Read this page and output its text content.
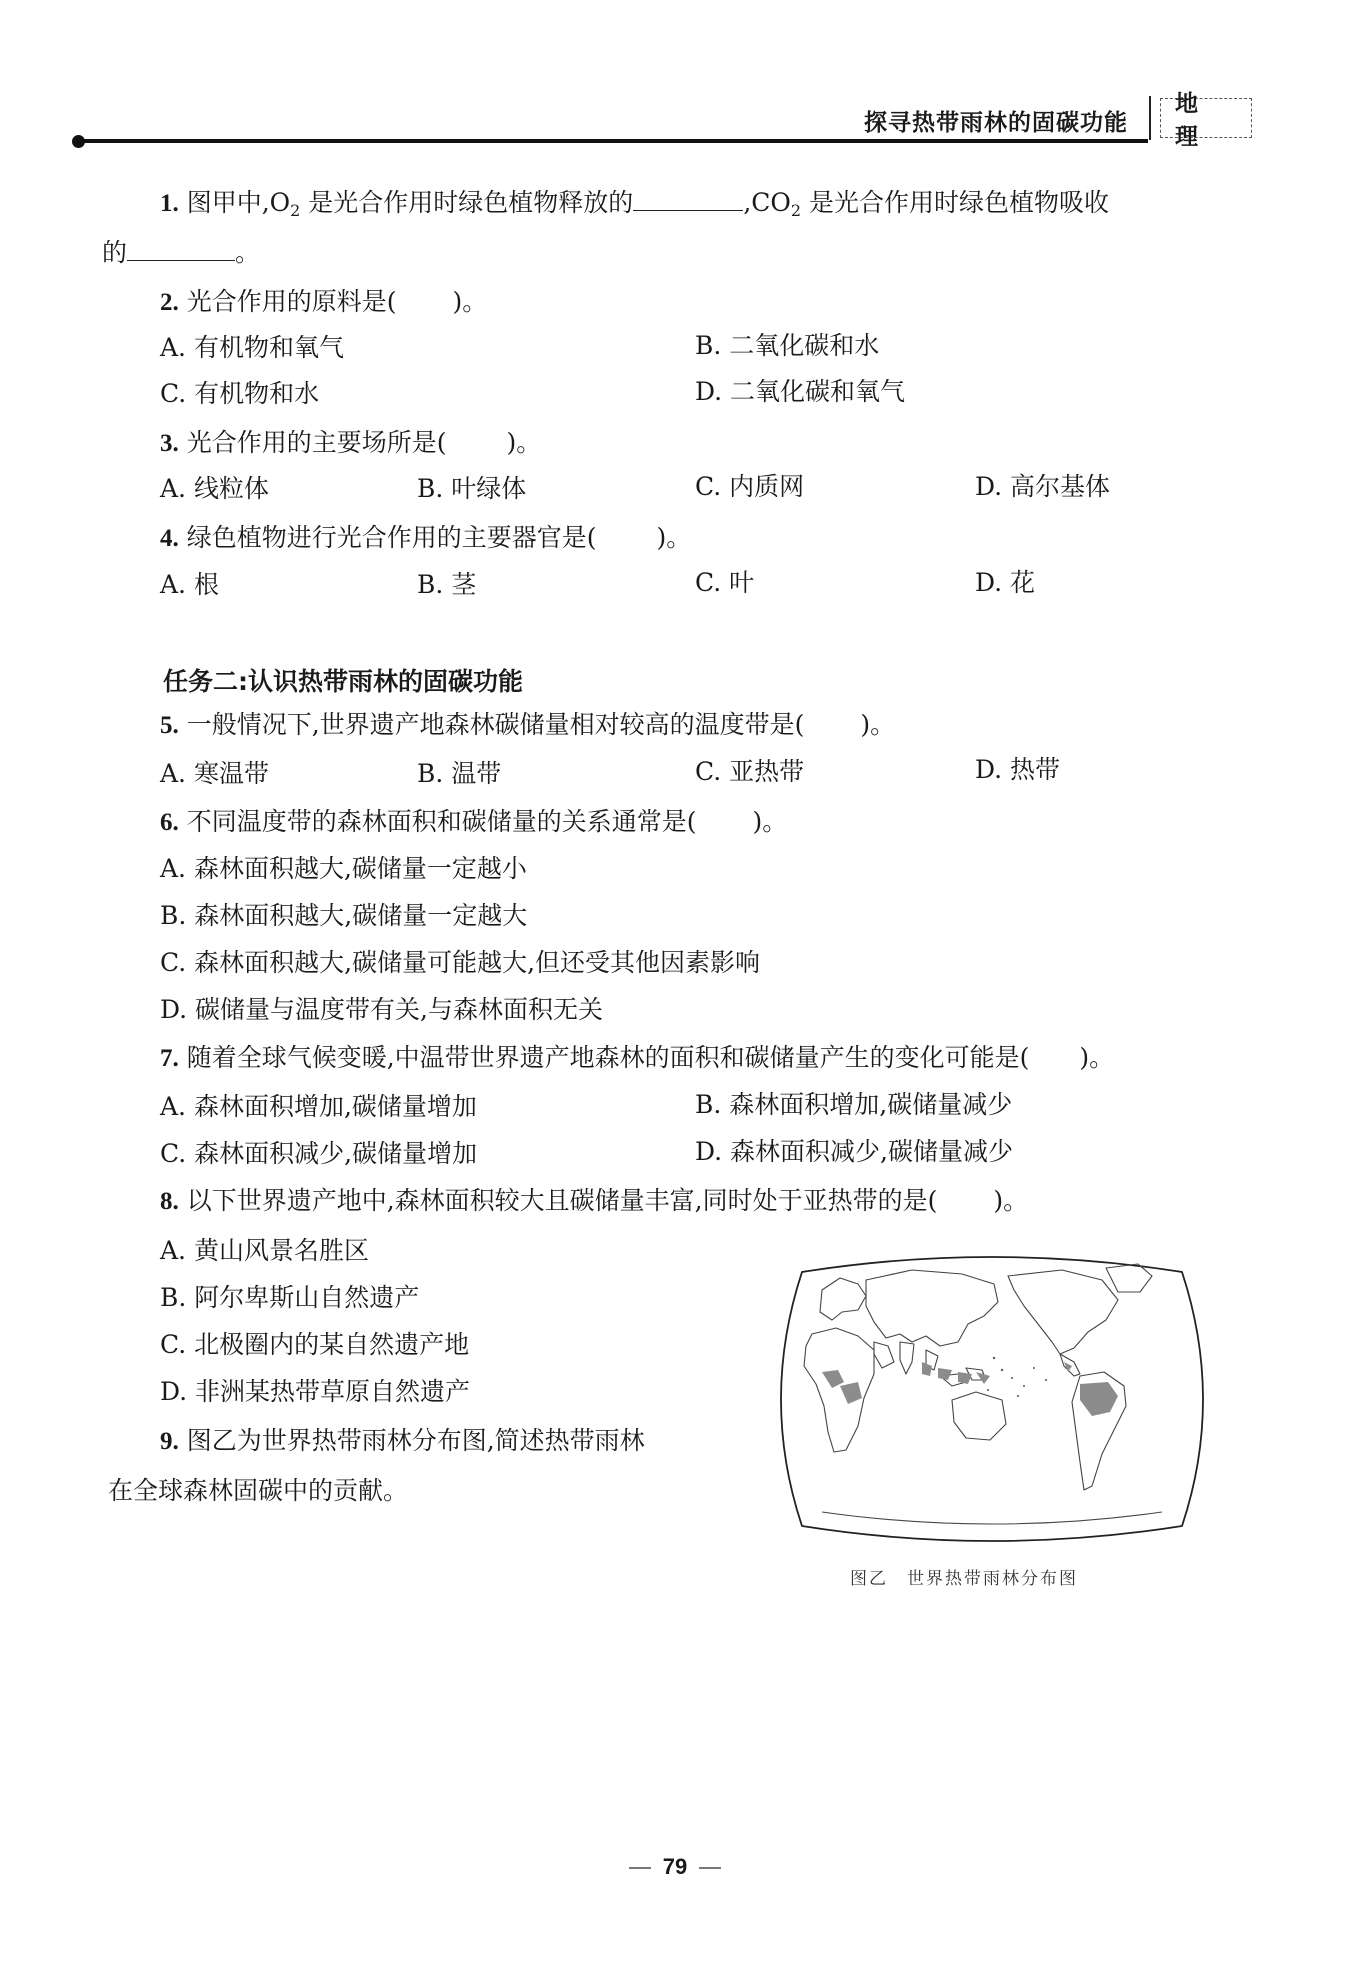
探寻热带雨林的固碳功能
地 理
1. 图甲中$,O_2$ 是光合作用时绿色植物释放的	$,CO_2$ 是光合作用时绿色植物吸收
的	。
2. 光合作用的原料是( )。
A. 有机物和氧气	B. 二氧化碳和水
C. 有机物和水	D. 二氧化碳和氧气
3. 光合作用的主要场所是( )。
A. 线粒体	B. 叶绿体	C. 内质网	D. 高尔基体
4. 绿色植物进行光合作用的主要器官是( )。
A. 根	B. 茎	C. 叶	D. 花
任务二:认识热带雨林的固碳功能
5. 一般情况下,世界遗产地森林碳储量相对较高的温度带是( )。
A. 寒温带	B. 温带	C. 亚热带	D. 热带
6. 不同温度带的森林面积和碳储量的关系通常是( )。
A. 森林面积越大,碳储量一定越小
B. 森林面积越大,碳储量一定越大
C. 森林面积越大,碳储量可能越大,但还受其他因素影响
D. 碳储量与温度带有关,与森林面积无关
7. 随着全球气候变暖,中温带世界遗产地森林的面积和碳储量产生的变化可能是( )。
A. 森林面积增加,碳储量增加	B. 森林面积增加,碳储量减少
C. 森林面积减少,碳储量增加	D. 森林面积减少,碳储量减少
8. 以下世界遗产地中,森林面积较大且碳储量丰富,同时处于亚热带的是( )。
A. 黄山风景名胜区
B. 阿尔卑斯山自然遗产
C. 北极圈内的某自然遗产地
D. 非洲某热带草原自然遗产
9. 图乙为世界热带雨林分布图,简述热带雨林
在全球森林固碳中的贡献。
图乙　世界热带雨林分布图
79
